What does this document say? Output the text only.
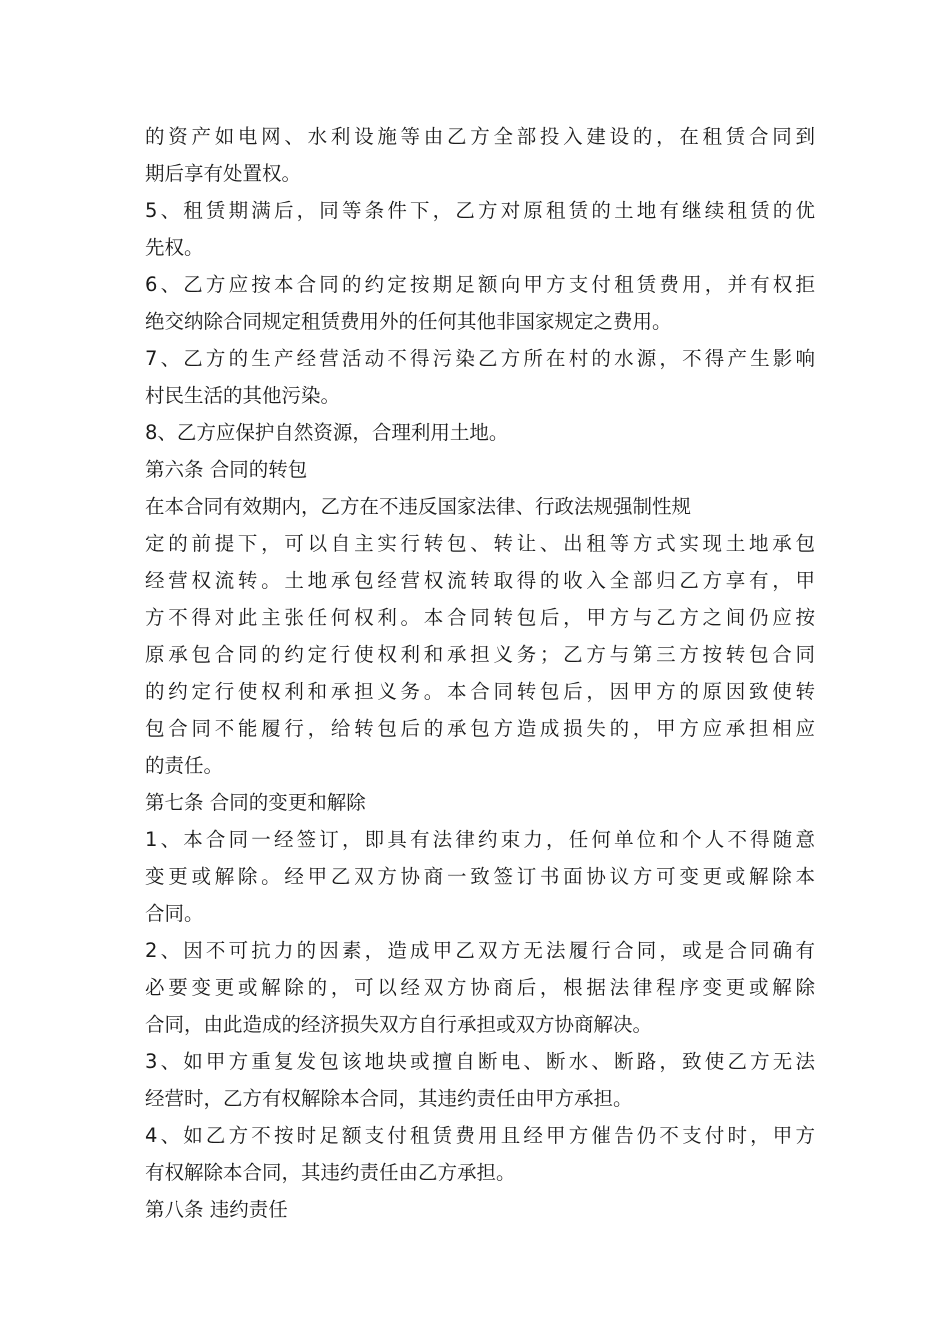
的资产如电网、水利设施等由乙方全部投入建设的，在租赁合同到
期后享有处置权。
5、租赁期满后，同等条件下，乙方对原租赁的土地有继续租赁的优
先权。
6、乙方应按本合同的约定按期足额向甲方支付租赁费用，并有权拒
绝交纳除合同规定租赁费用外的任何其他非国家规定之费用。
7、乙方的生产经营活动不得污染乙方所在村的水源，不得产生影响
村民生活的其他污染。
8、乙方应保护自然资源，合理利用土地。
第六条 合同的转包
在本合同有效期内，乙方在不违反国家法律、行政法规强制性规
定的前提下，可以自主实行转包、转让、出租等方式实现土地承包
经营权流转。土地承包经营权流转取得的收入全部归乙方享有，甲
方不得对此主张任何权利。本合同转包后，甲方与乙方之间仍应按
原承包合同的约定行使权利和承担义务；乙方与第三方按转包合同
的约定行使权利和承担义务。本合同转包后，因甲方的原因致使转
包合同不能履行，给转包后的承包方造成损失的，甲方应承担相应
的责任。
第七条 合同的变更和解除
1、本合同一经签订，即具有法律约束力，任何单位和个人不得随意
变更或解除。经甲乙双方协商一致签订书面协议方可变更或解除本
合同。
2、因不可抗力的因素，造成甲乙双方无法履行合同，或是合同确有
必要变更或解除的，可以经双方协商后，根据法律程序变更或解除
合同，由此造成的经济损失双方自行承担或双方协商解决。
3、如甲方重复发包该地块或擅自断电、断水、断路，致使乙方无法
经营时，乙方有权解除本合同，其违约责任由甲方承担。
4、如乙方不按时足额支付租赁费用且经甲方催告仍不支付时，甲方
有权解除本合同，其违约责任由乙方承担。
第八条 违约责任
